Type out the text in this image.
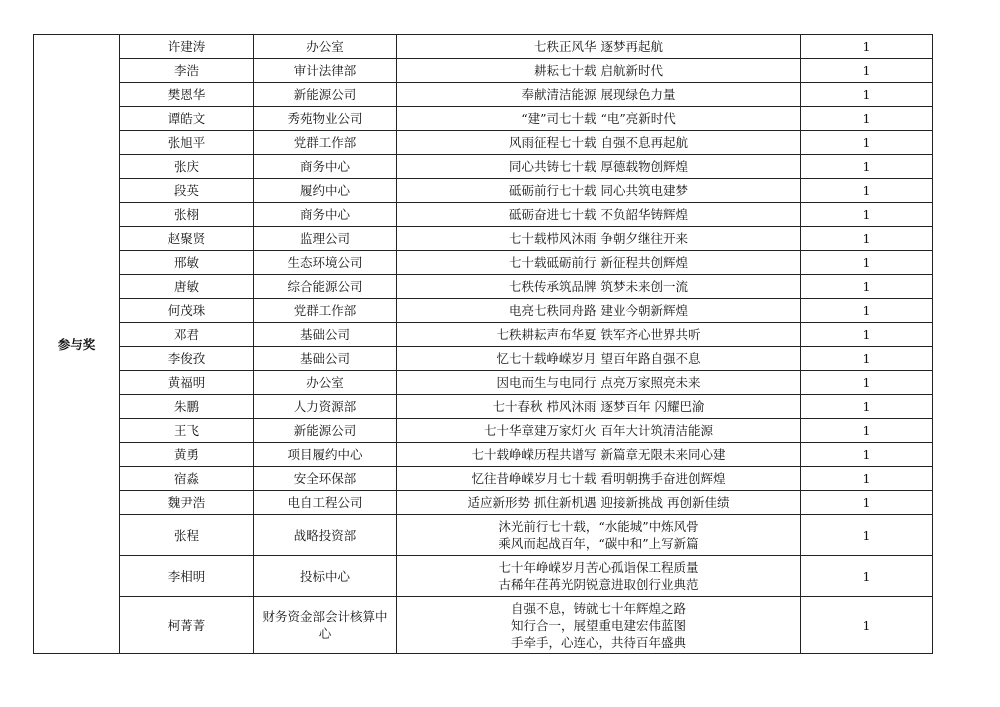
参与奖	许建涛	办公室	七秩正风华 逐梦再起航	1
	李浩	审计法律部	耕耘七十载 启航新时代	1
	樊恩华	新能源公司	奉献清洁能源 展现绿色力量	1
	谭皓文	秀苑物业公司	“建”司七十载 “电”亮新时代	1
	张旭平	党群工作部	风雨征程七十载 自强不息再起航	1
	张庆	商务中心	同心共铸七十载 厚德载物创辉煌	1
	段英	履约中心	砥砺前行七十载 同心共筑电建梦	1
	张栩	商务中心	砥砺奋进七十载 不负韶华铸辉煌	1
	赵聚贤	监理公司	七十载栉风沐雨 争朝夕继往开来	1
	邢敏	生态环境公司	七十载砥砺前行 新征程共创辉煌	1
	唐敏	综合能源公司	七秩传承筑品牌 筑梦未来创一流	1
	何茂珠	党群工作部	电亮七秩同舟路 建业今朝新辉煌	1
	邓君	基础公司	七秩耕耘声布华夏 铁军齐心世界共听	1
	李俊孜	基础公司	忆七十载峥嵘岁月 望百年路自强不息	1
	黄福明	办公室	因电而生与电同行 点亮万家照亮未来	1
	朱鹏	人力资源部	七十春秋 栉风沐雨 逐梦百年 闪耀巴渝	1
	王飞	新能源公司	七十华章建万家灯火 百年大计筑清洁能源	1
	黄勇	项目履约中心	七十载峥嵘历程共谱写 新篇章无限未来同心建	1
	宿淼	安全环保部	忆往昔峥嵘岁月七十载 看明朝携手奋进创辉煌	1
	魏尹浩	电自工程公司	适应新形势 抓住新机遇 迎接新挑战 再创新佳绩	1
	张程	战略投资部	沐光前行七十载，“水能城”中炼风骨
乘风而起战百年，“碳中和”上写新篇	1
	李相明	投标中心	七十年峥嵘岁月苦心孤诣保工程质量
古稀年荏苒光阴锐意进取创行业典范	1
	柯菁菁	财务资金部会计核算中心	自强不息，铸就七十年辉煌之路
知行合一，展望重电建宏伟蓝图
手牵手，心连心，共待百年盛典	1
